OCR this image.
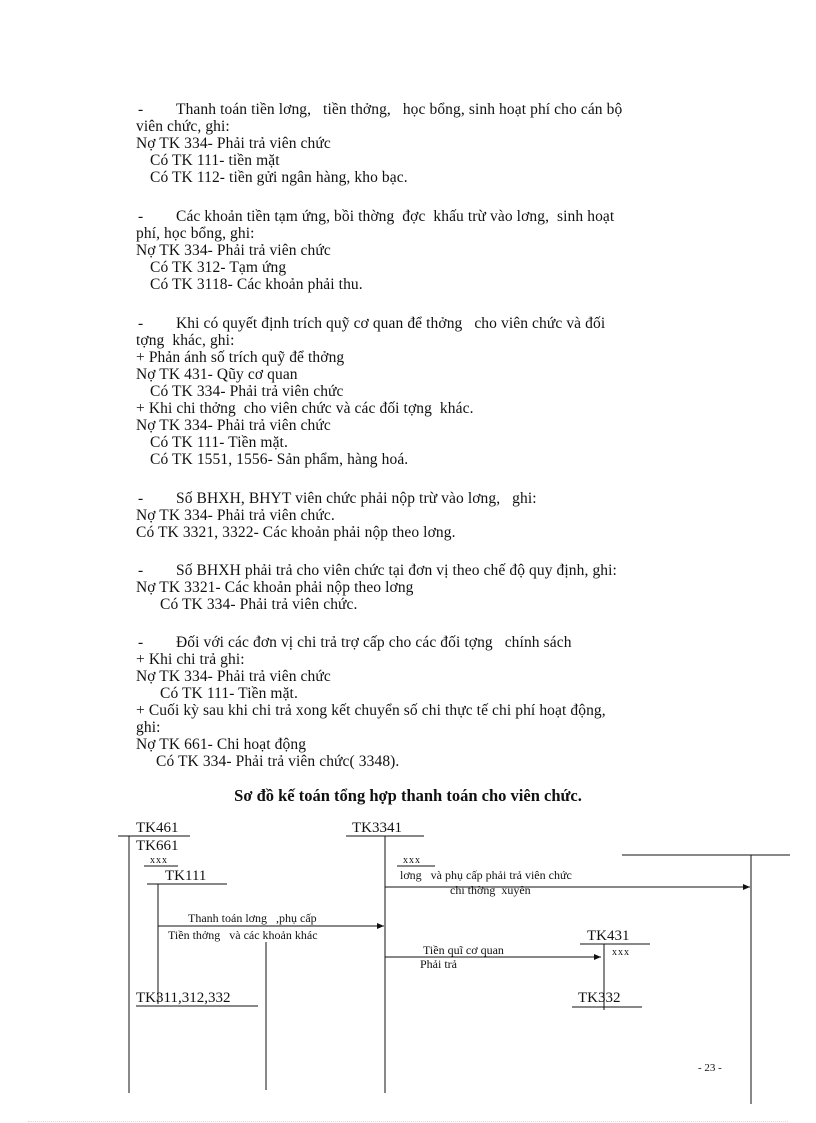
- Thanh toán tiền lơng,   tiền thởng,   học bổng, sinh hoạt phí cho cán bộ
viên chức, ghi:
Nợ TK 334- Phải trả viên chức
Có TK 111- tiền mặt
Có TK 112- tiền gửi ngân hàng, kho bạc.
- Các khoản tiền tạm ứng, bồi thờng  đợc  khấu trừ vào lơng,  sinh hoạt
phí, học bổng, ghi:
Nợ TK 334- Phải trả viên chức
Có TK 312- Tạm ứng
Có TK 3118- Các khoản phải thu.
- Khi có quyết định trích quỹ cơ quan để thởng   cho viên chức và đối
tợng  khác, ghi:
+ Phản ánh số trích quỹ để thởng
Nợ TK 431- Qũy cơ quan
Có TK 334- Phải trả viên chức
+ Khi chi thởng  cho viên chức và các đối tợng  khác.
Nợ TK 334- Phải trả viên chức
Có TK 111- Tiền mặt.
Có TK 1551, 1556- Sản phẩm, hàng hoá.
- Số BHXH, BHYT viên chức phải nộp trừ vào lơng,   ghi:
Nợ TK 334- Phải trả viên chức.
Có TK 3321, 3322- Các khoản phải nộp theo lơng.
- Số BHXH phải trả cho viên chức tại đơn vị theo chế độ quy định, ghi:
Nợ TK 3321- Các khoản phải nộp theo lơng
Có TK 334- Phải trả viên chức.
- Đối với các đơn vị chi trả trợ cấp cho các đối tợng   chính sách
+ Khi chi trả ghi:
Nợ TK 334- Phải trả viên chức
Có TK 111- Tiền mặt.
+ Cuối kỳ sau khi chi trả xong kết chuyển số chi thực tế chi phí hoạt động,
ghi:
Nợ TK 661- Chi hoạt động
Có TK 334- Phải trả viên chức( 3348).
Sơ đồ kế toán tổng hợp thanh toán cho viên chức.
TK461
TK661
xxx
TK111
TK3341
xxx
lơng   và phụ cấp phải trả viên chức
chi thờng  xuyên
Thanh toán lơng   ,phụ cấp
Tiền thởng   và các khoản khác	TK431
xxx
Tiền quĩ cơ quan
Phải trả
TK311,312,332	TK332
- 23 -
